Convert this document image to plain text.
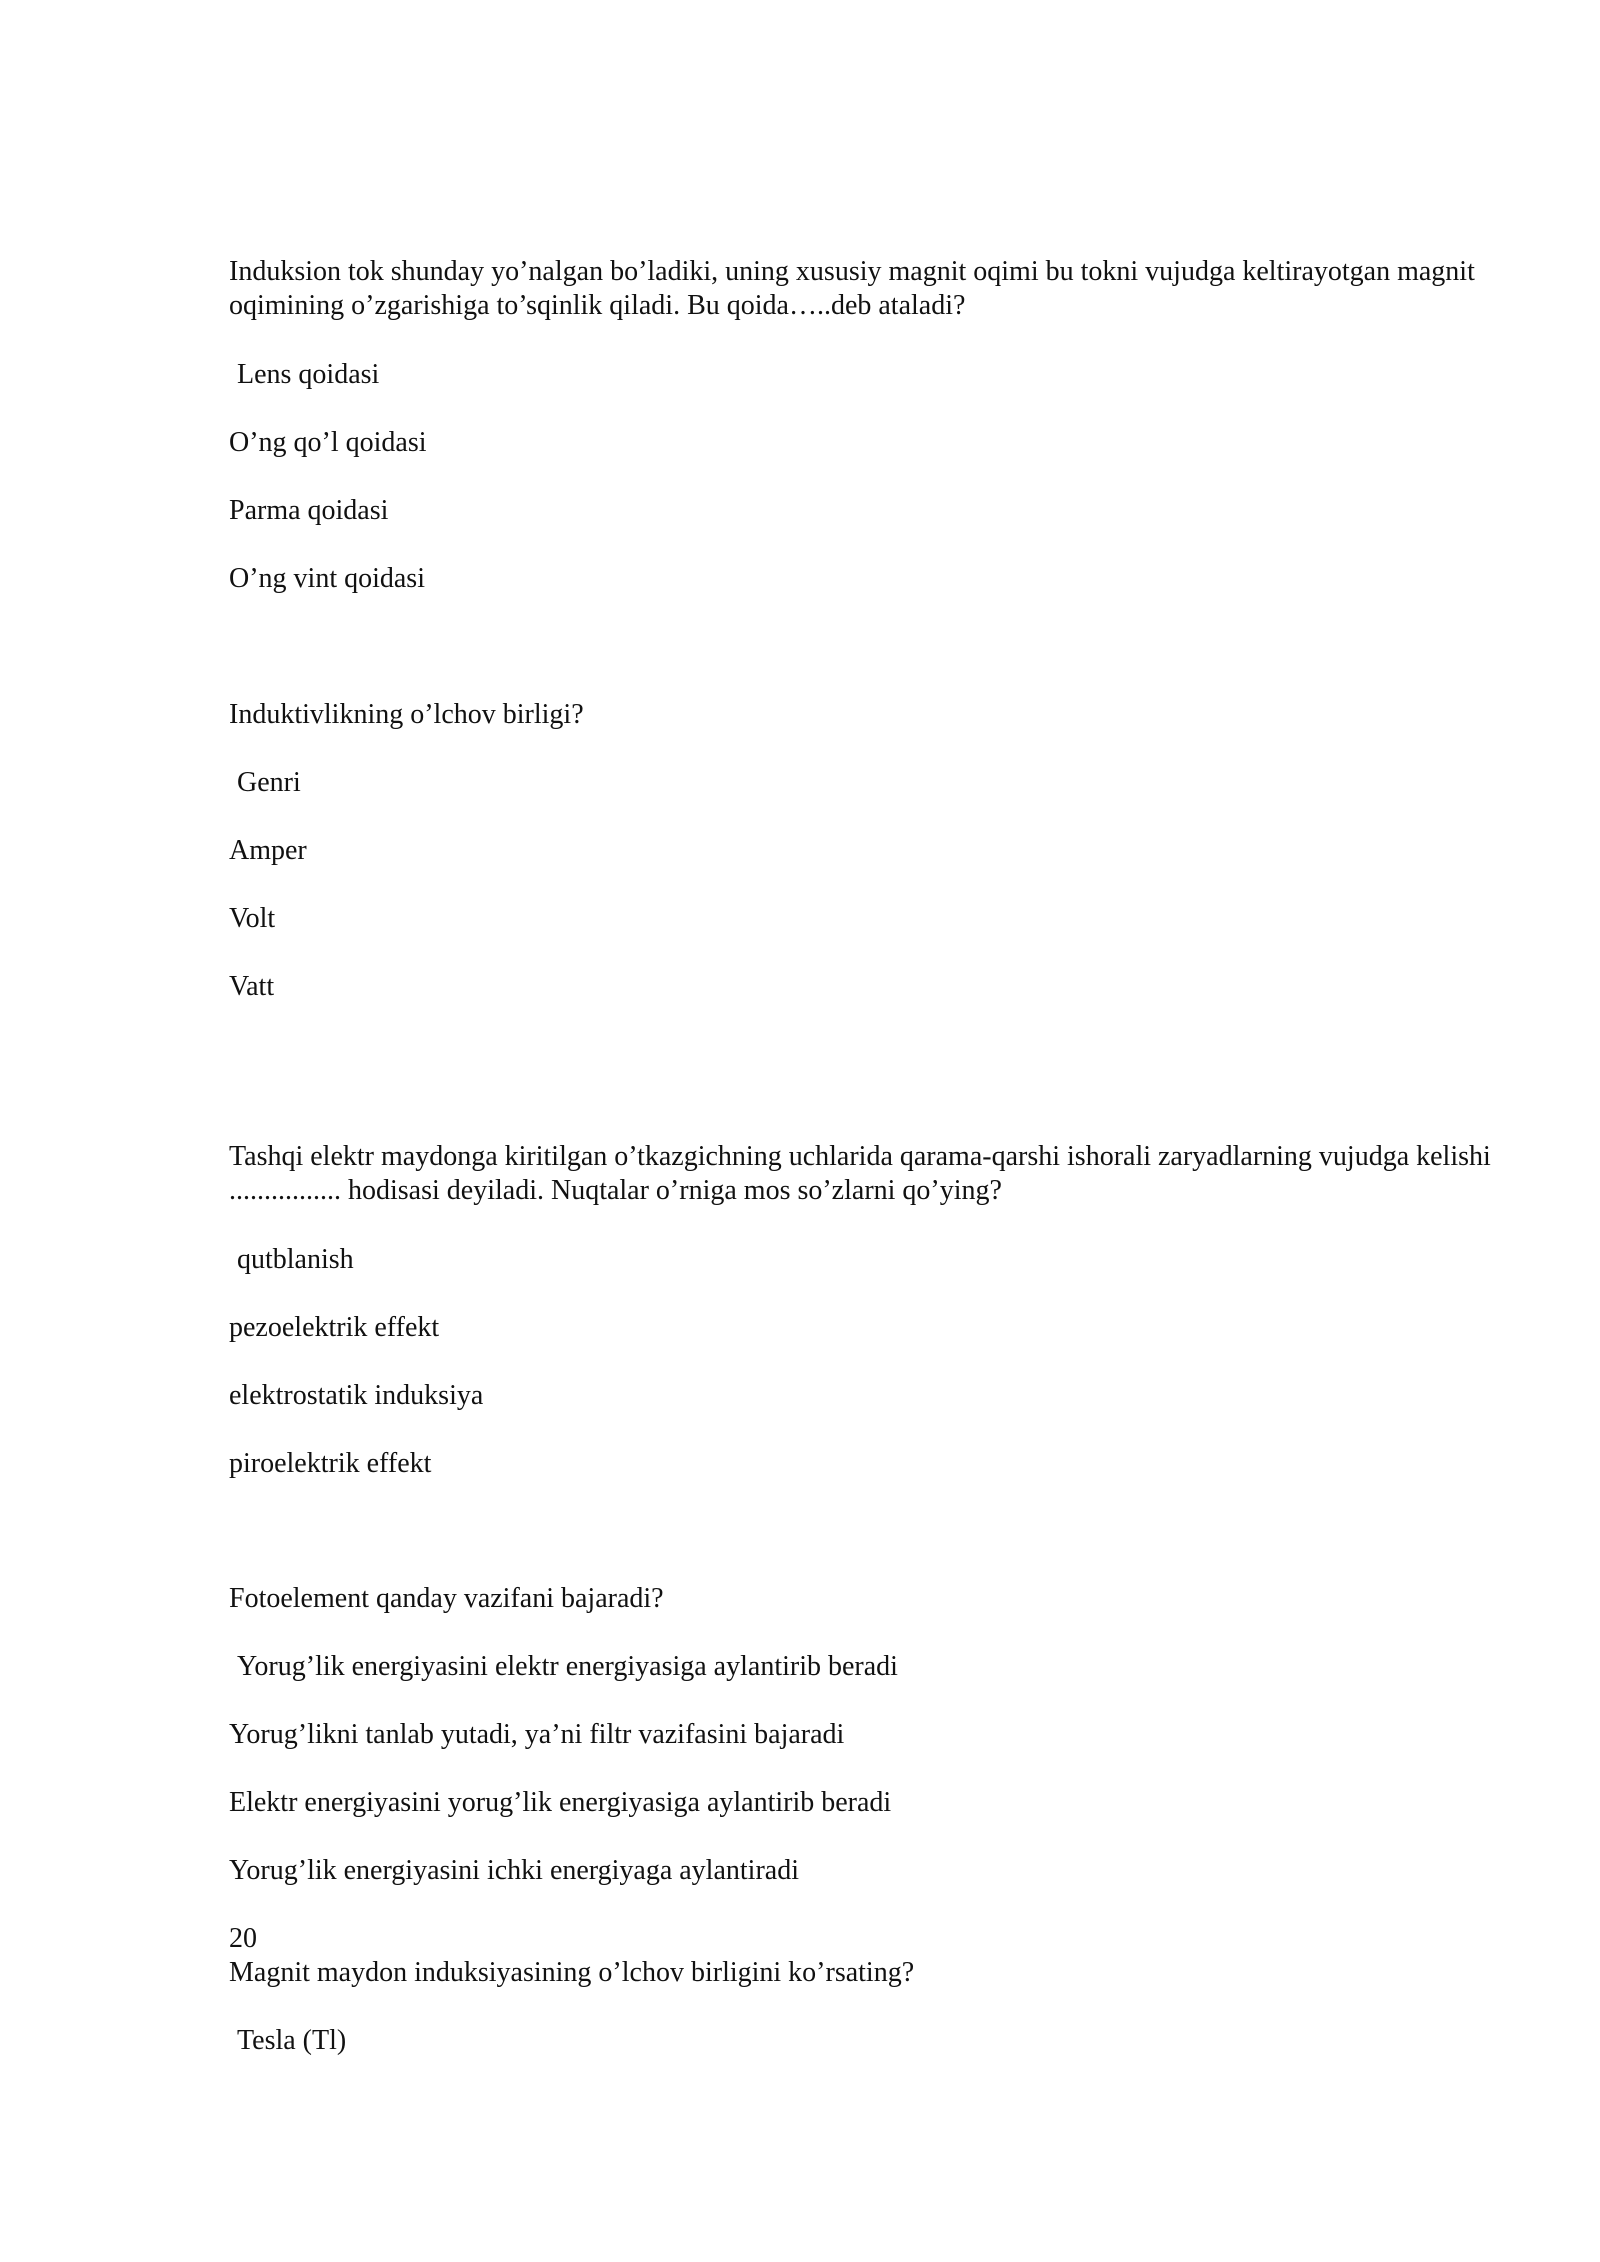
Induksion tok shunday yo’nalgan bo’ladiki, uning xususiy magnit oqimi bu tokni vujudga keltirayotgan magnit oqimining o’zgarishiga to’sqinlik qiladi. Bu qoida…..deb ataladi?

Lens qoidasi

O’ng qo’l qoidasi

Parma qoidasi

O’ng vint qoidasi

Induktivlikning o’lchov birligi?

Genri

Amper

Volt

Vatt

Tashqi elektr maydonga kiritilgan o’tkazgichning uchlarida qarama-qarshi ishorali zaryadlarning vujudga kelishi ................ hodisasi deyiladi. Nuqtalar o’rniga mos so’zlarni qo’ying?

qutblanish

pezoelektrik effekt

elektrostatik induksiya

piroelektrik effekt

Fotoelement qanday vazifani bajaradi?

Yorug’lik energiyasini elektr energiyasiga aylantirib beradi

Yorug’likni tanlab yutadi, ya’ni filtr vazifasini bajaradi

Elektr energiyasini yorug’lik energiyasiga aylantirib beradi

Yorug’lik energiyasini ichki energiyaga aylantiradi

20

Magnit maydon induksiyasining o’lchov birligini ko’rsating?

Tesla (Tl)
